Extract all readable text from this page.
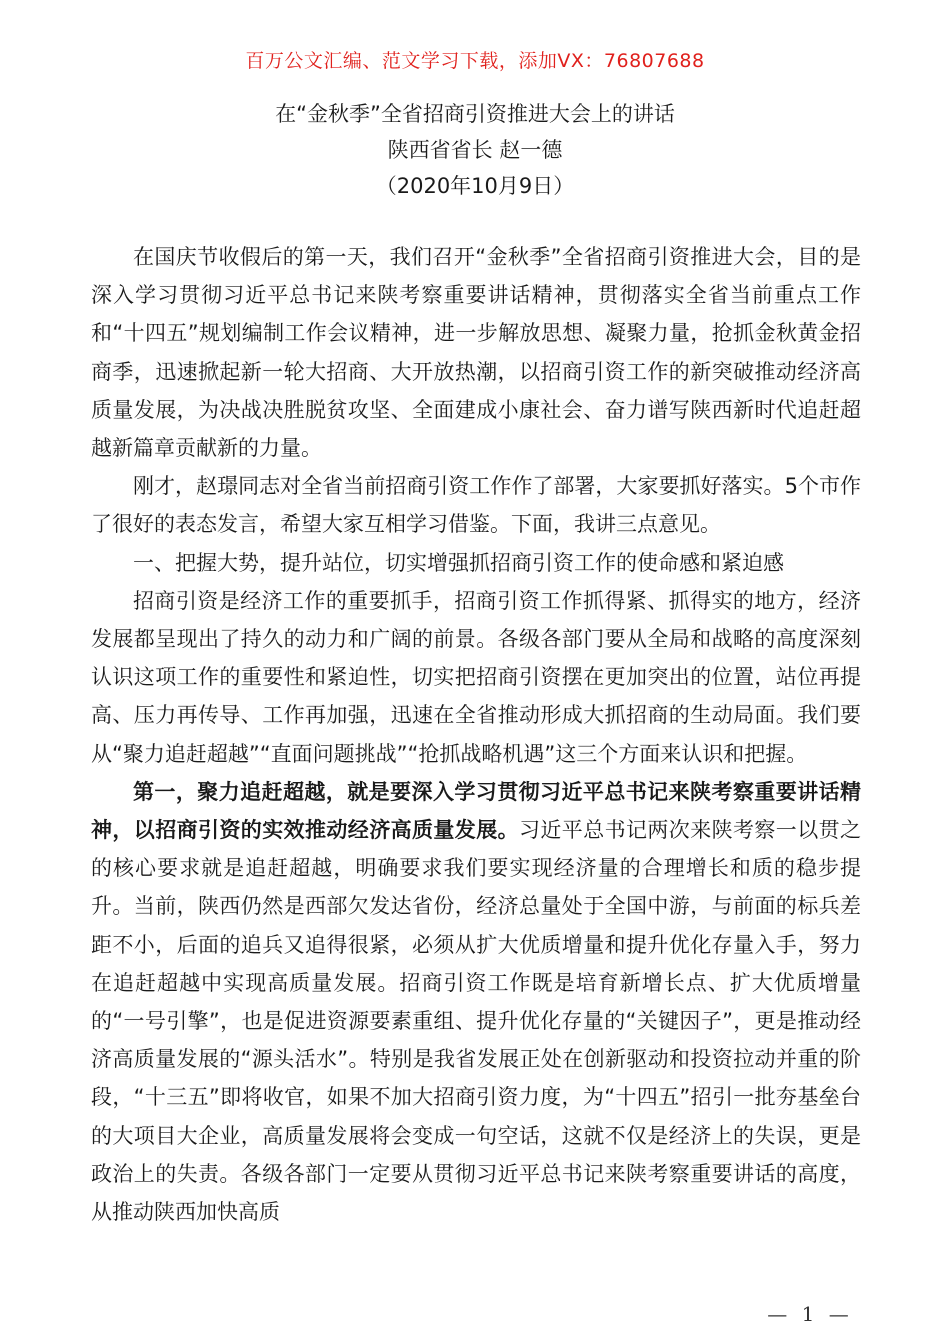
百万公文汇编、范文学习下载，添加VX：76807688
在“金秋季”全省招商引资推进大会上的讲话
陕西省省长 赵一德
（2020年10月9日）

在国庆节收假后的第一天，我们召开“金秋季”全省招商引资推进大会，目的是深入学习贯彻习近平总书记来陕考察重要讲话精神，贯彻落实全省当前重点工作和“十四五”规划编制工作会议精神，进一步解放思想、凝聚力量，抢抓金秋黄金招商季，迅速掀起新一轮大招商、大开放热潮，以招商引资工作的新突破推动经济高质量发展，为决战决胜脱贫攻坚、全面建成小康社会、奋力谱写陕西新时代追赶超越新篇章贡献新的力量。

刚才，赵璟同志对全省当前招商引资工作作了部署，大家要抓好落实。5个市作了很好的表态发言，希望大家互相学习借鉴。下面，我讲三点意见。

一、把握大势，提升站位，切实增强抓招商引资工作的使命感和紧迫感

招商引资是经济工作的重要抓手，招商引资工作抓得紧、抓得实的地方，经济发展都呈现出了持久的动力和广阔的前景。各级各部门要从全局和战略的高度深刻认识这项工作的重要性和紧迫性，切实把招商引资摆在更加突出的位置，站位再提高、压力再传导、工作再加强，迅速在全省推动形成大抓招商的生动局面。我们要从“聚力追赶超越”“直面问题挑战”“抢抓战略机遇”这三个方面来认识和把握。

第一，聚力追赶超越，就是要深入学习贯彻习近平总书记来陕考察重要讲话精神，以招商引资的实效推动经济高质量发展。习近平总书记两次来陕考察一以贯之的核心要求就是追赶超越，明确要求我们要实现经济量的合理增长和质的稳步提升。当前，陕西仍然是西部欠发达省份，经济总量处于全国中游，与前面的标兵差距不小，后面的追兵又追得很紧，必须从扩大优质增量和提升优化存量入手，努力在追赶超越中实现高质量发展。招商引资工作既是培育新增长点、扩大优质增量的“一号引擎”，也是促进资源要素重组、提升优化存量的“关键因子”，更是推动经济高质量发展的“源头活水”。特别是我省发展正处在创新驱动和投资拉动并重的阶段，“十三五”即将收官，如果不加大招商引资力度，为“十四五”招引一批夯基垒台的大项目大企业，高质量发展将会变成一句空话，这就不仅是经济上的失误，更是政治上的失责。各级各部门一定要从贯彻习近平总书记来陕考察重要讲话的高度，从推动陕西加快高质

— 1 —
